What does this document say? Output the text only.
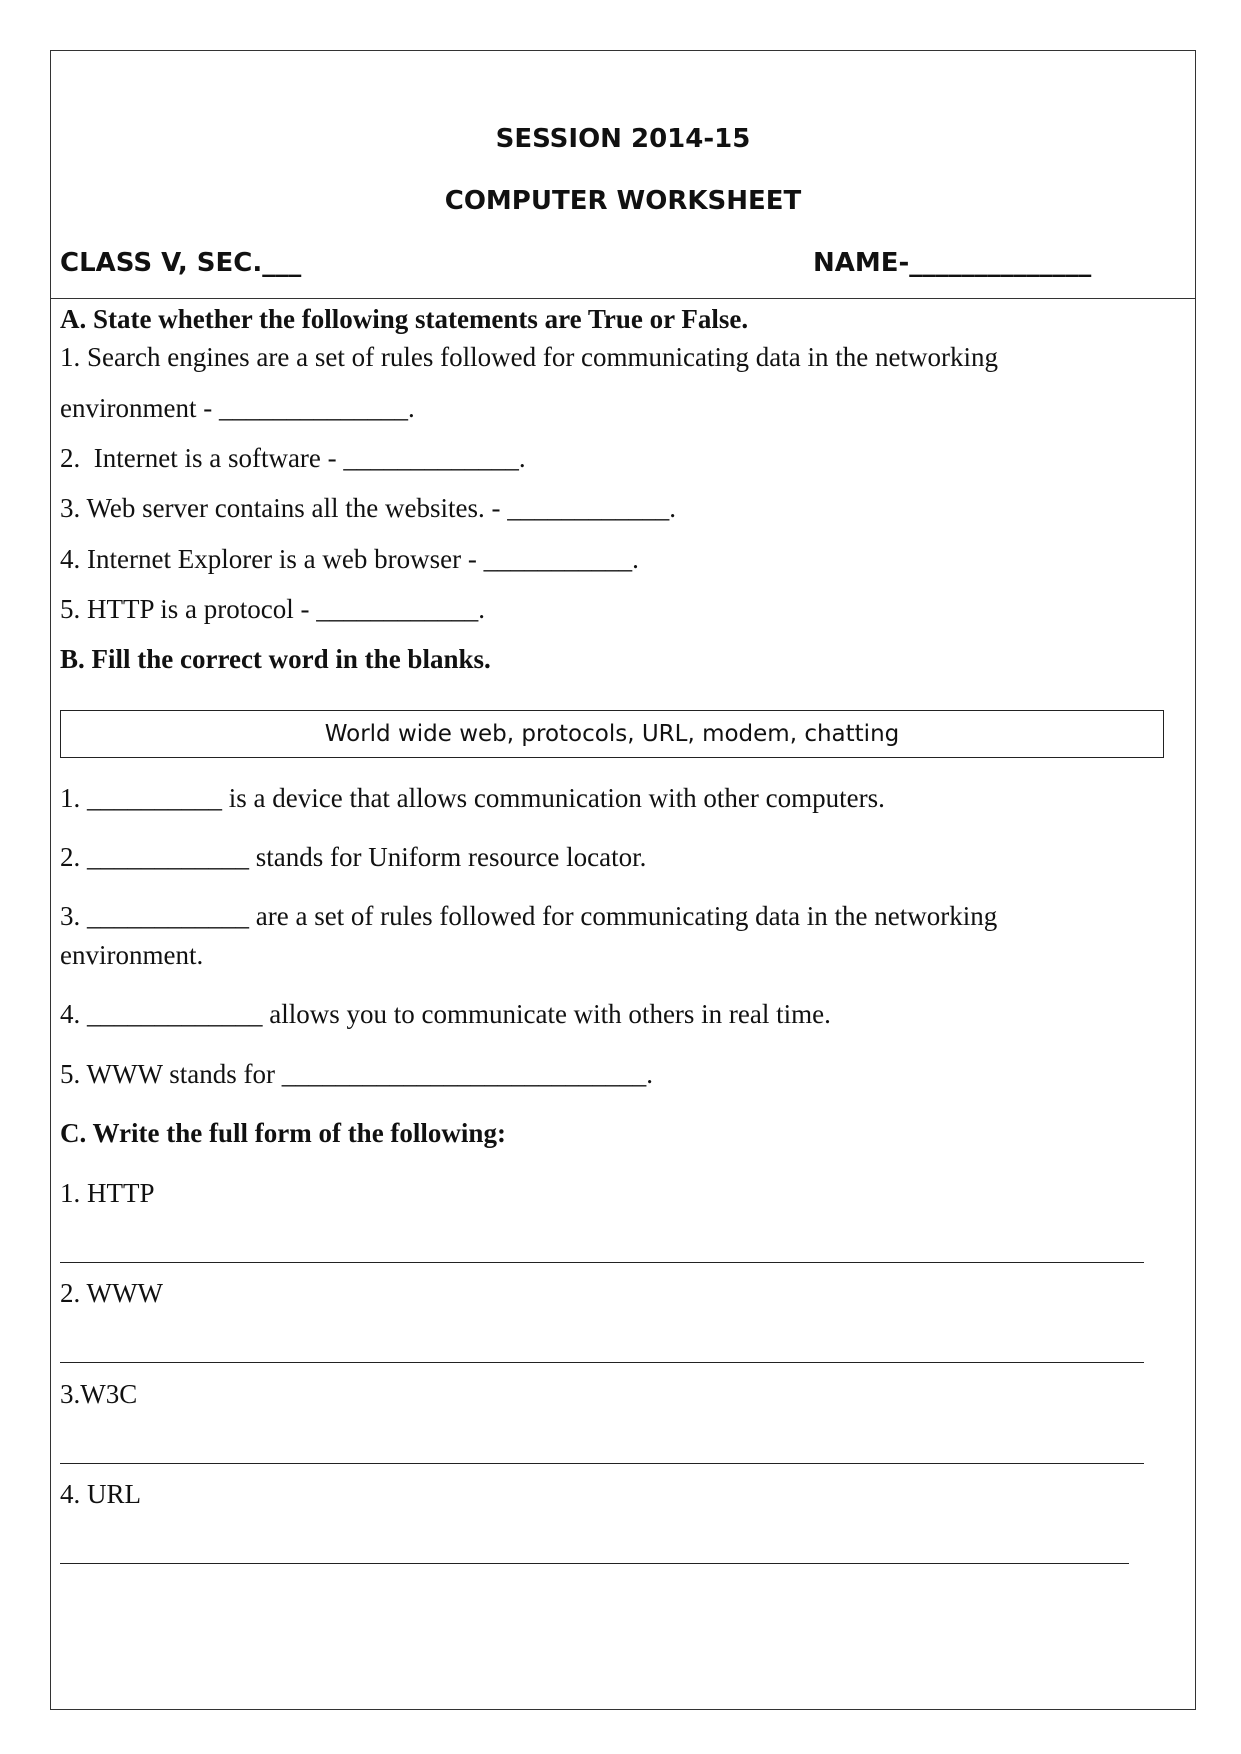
SESSION 2014-15
COMPUTER WORKSHEET
CLASS V, SEC.___	NAME-______________
A. State whether the following statements are True or False.
1. Search engines are a set of rules followed for communicating data in the networking
environment - ______________.
2.  Internet is a software - _____________.
3. Web server contains all the websites. - ____________.
4. Internet Explorer is a web browser - ___________.
5. HTTP is a protocol - ____________.
B. Fill the correct word in the blanks.
World wide web, protocols, URL, modem, chatting
1. __________ is a device that allows communication with other computers.
2. ____________ stands for Uniform resource locator.
3. ____________ are a set of rules followed for communicating data in the networking
environment.
4. _____________ allows you to communicate with others in real time.
5. WWW stands for ___________________________.
C. Write the full form of the following:
1. HTTP
2. WWW
3.W3C
4. URL
